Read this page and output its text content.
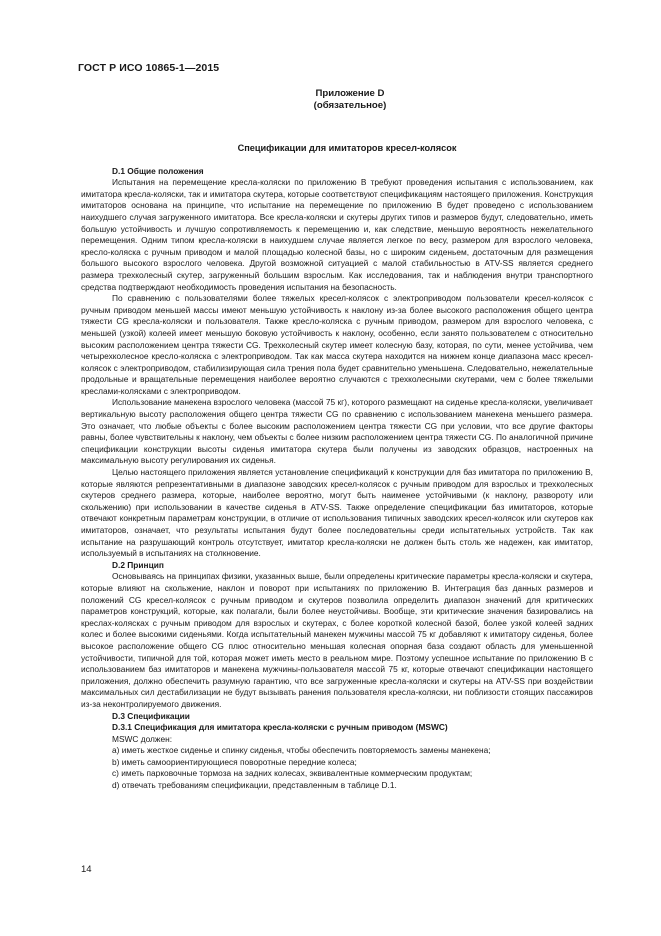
ГОСТ Р ИСО 10865-1—2015
Приложение D
(обязательное)
Спецификации для имитаторов кресел-колясок

D.1 Общие положения

Испытания на перемещение кресла-коляски по приложению В требуют проведения испытания с использованием, как имитатора кресла-коляски, так и имитатора скутера, которые соответствуют спецификациям настоящего приложения. Конструкция имитаторов основана на принципе, что испытание на перемещение по приложению В будет проведено с использованием наихудшего случая загруженного имитатора. Все кресла-коляски и скутеры других типов и размеров будут, следовательно, иметь большую устойчивость и лучшую сопротивляемость к перемещению и, как следствие, меньшую вероятность нежелательного перемещения. Одним типом кресла-коляски в наихудшем случае является легкое по весу, размером для взрослого человека, кресло-коляска с ручным приводом и малой площадью колесной базы, но с широким сиденьем, достаточным для размещения большого высокого взрослого человека. Другой возможной ситуацией с малой стабильностью в ATV-SS является среднего размера трехколесный скутер, загруженный большим взрослым. Как исследования, так и наблюдения внутри транспортного средства подтверждают необходимость проведения испытания на безопасность.

По сравнению с пользователями более тяжелых кресел-колясок с электроприводом пользователи кресел-колясок с ручным приводом меньшей массы имеют меньшую устойчивость к наклону из-за более высокого расположения общего центра тяжести CG кресла-коляски и пользователя. Также кресло-коляска с ручным приводом, размером для взрослого человека, с меньшей (узкой) колеей имеет меньшую боковую устойчивость к наклону, особенно, если занято пользователем с относительно высоким расположением центра тяжести CG. Трехколесный скутер имеет колесную базу, которая, по сути, менее устойчива, чем четырехколесное кресло-коляска с электроприводом. Так как масса скутера находится на нижнем конце диапазона масс кресел-колясок с электроприводом, стабилизирующая сила трения пола будет сравнительно уменьшена. Следовательно, нежелательные продольные и вращательные перемещения наиболее вероятно случаются с трехколесными скутерами, чем с более тяжелыми креслами-колясками с электроприводом.

Использование манекена взрослого человека (массой 75 кг), которого размещают на сиденье кресла-коляски, увеличивает вертикальную высоту расположения общего центра тяжести CG по сравнению с использованием манекена меньшего размера. Это означает, что любые объекты с более высоким расположением центра тяжести CG при условии, что все другие факторы равны, более чувствительны к наклону, чем объекты с более низким расположением центра тяжести CG. По аналогичной причине спецификации конструкции высоты сиденья имитатора скутера были получены из заводских образцов, настроенных на максимальную высоту регулирования их сиденья.

Целью настоящего приложения является установление спецификаций к конструкции для баз имитатора по приложению В, которые являются репрезентативными в диапазоне заводских кресел-колясок с ручным приводом для взрослых и трехколесных скутеров среднего размера, которые, наиболее вероятно, могут быть наименее устойчивыми (к наклону, развороту или скольжению) при использовании в качестве сиденья в ATV-SS. Также определение спецификации баз имитаторов, которые отвечают конкретным параметрам конструкции, в отличие от использования типичных заводских кресел-колясок или скутеров как имитаторов, означает, что результаты испытания будут более последовательны среди испытательных устройств. Так как испытание на разрушающий контроль отсутствует, имитатор кресла-коляски не должен быть столь же надежен, как имитатор, используемый в испытаниях на столкновение.

D.2 Принцип

Основываясь на принципах физики, указанных выше, были определены критические параметры кресла-коляски и скутера, которые влияют на скольжение, наклон и поворот при испытаниях по приложению В. Интеграция баз данных размеров и положений CG кресел-колясок с ручным приводом и скутеров позволила определить диапазон значений для критических параметров конструкций, которые, как полагали, были более неустойчивы. Вообще, эти критические значения базировались на креслах-колясках с ручным приводом для взрослых и скутерах, с более короткой колесной базой, более узкой колеей задних колес и более высокими сиденьями. Когда испытательный манекен мужчины массой 75 кг добавляют к имитатору сиденья, более высокое расположение общего CG плюс относительно меньшая колесная опорная база создают область для уменьшенной устойчивости, типичной для той, которая может иметь место в реальном мире. Поэтому успешное испытание по приложению В с использованием баз имитаторов и манекена мужчины-пользователя массой 75 кг, которые отвечают спецификации настоящего приложения, должно обеспечить разумную гарантию, что все загруженные кресла-коляски и скутеры на ATV-SS при воздействии максимальных сил дестабилизации не будут вызывать ранения пользователя кресла-коляски, ни поблизости стоящих пассажиров из-за неконтролируемого движения.

D.3 Спецификации

D.3.1 Спецификация для имитатора кресла-коляски с ручным приводом (MSWC)

MSWC должен:

a) иметь жесткое сиденье и спинку сиденья, чтобы обеспечить повторяемость замены манекена;

b) иметь самоориентирующиеся поворотные передние колеса;

c) иметь парковочные тормоза на задних колесах, эквивалентные коммерческим продуктам;

d) отвечать требованиям спецификации, представленным в таблице D.1.

14
